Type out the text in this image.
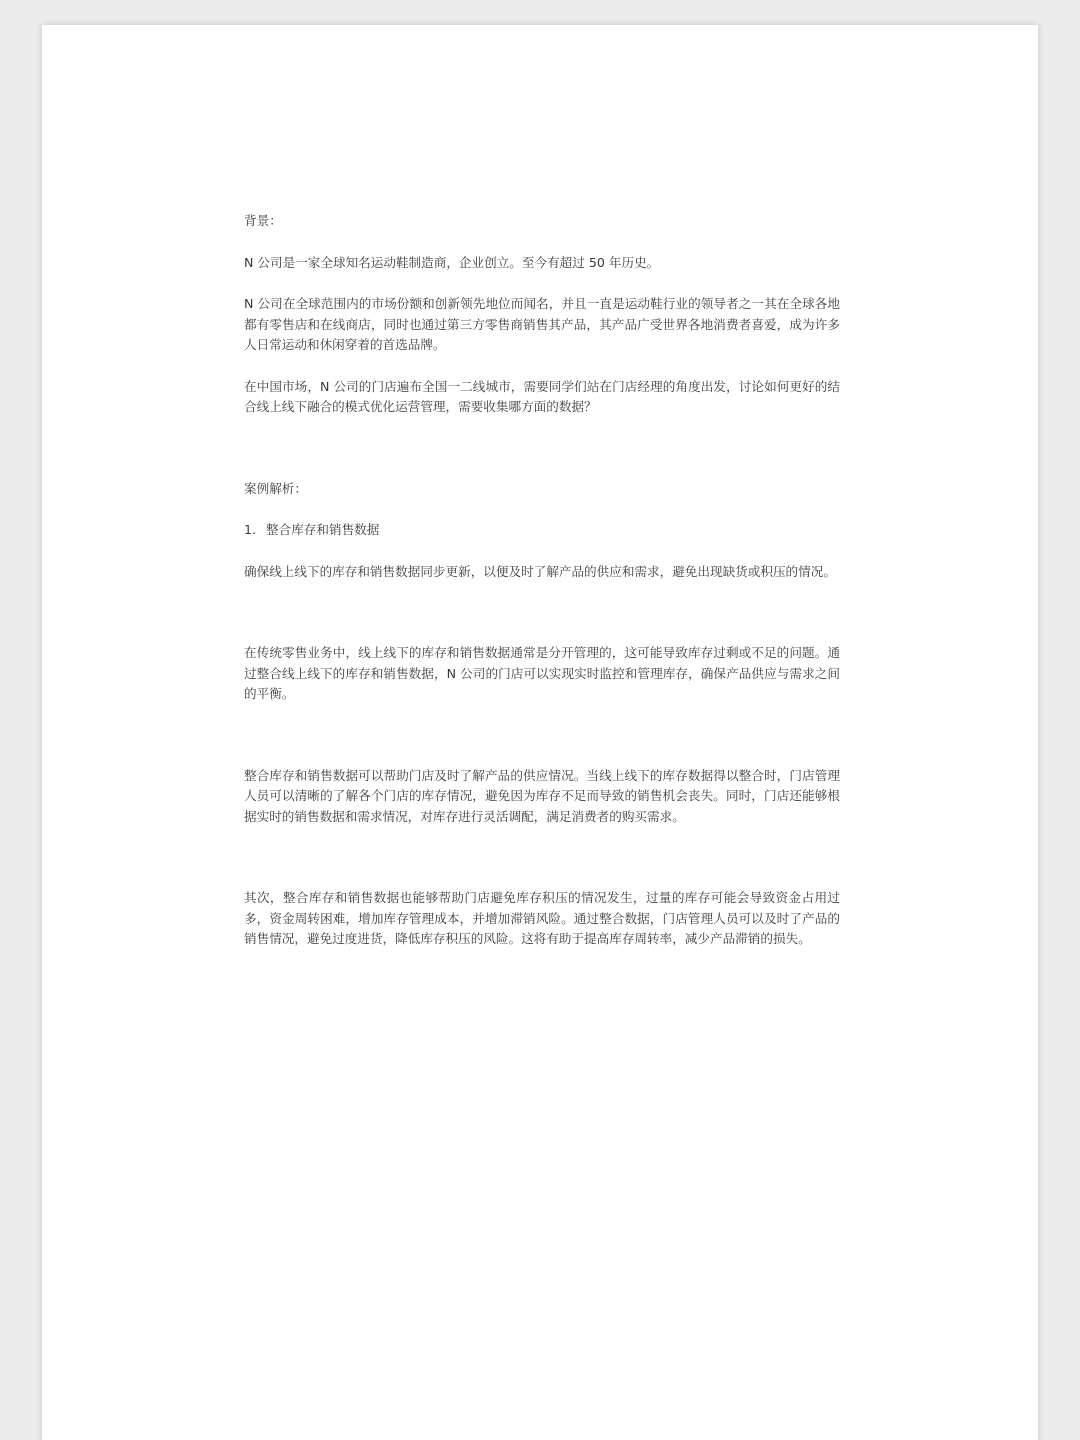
背景：

N 公司是一家全球知名运动鞋制造商，企业创立。至今有超过 50 年历史。

N 公司在全球范围内的市场份额和创新领先地位而闻名，并且一直是运动鞋行业的领导者之一其在全球各地都有零售店和在线商店，同时也通过第三方零售商销售其产品，其产品广受世界各地消费者喜爱，成为许多人日常运动和休闲穿着的首选品牌。

在中国市场，N 公司的门店遍布全国一二线城市，需要同学们站在门店经理的角度出发，讨论如何更好的结合线上线下融合的模式优化运营管理，需要收集哪方面的数据？

案例解析：
1. 整合库存和销售数据

确保线上线下的库存和销售数据同步更新，以便及时了解产品的供应和需求，避免出现缺货或积压的情况。

在传统零售业务中，线上线下的库存和销售数据通常是分开管理的，这可能导致库存过剩或不足的问题。通过整合线上线下的库存和销售数据，N 公司的门店可以实现实时监控和管理库存，确保产品供应与需求之间的平衡。

整合库存和销售数据可以帮助门店及时了解产品的供应情况。当线上线下的库存数据得以整合时，门店管理人员可以清晰的了解各个门店的库存情况，避免因为库存不足而导致的销售机会丧失。同时，门店还能够根据实时的销售数据和需求情况，对库存进行灵活调配，满足消费者的购买需求。

其次，整合库存和销售数据也能够帮助门店避免库存积压的情况发生，过量的库存可能会导致资金占用过多，资金周转困难，增加库存管理成本，并增加滞销风险。通过整合数据，门店管理人员可以及时了产品的销售情况，避免过度进货，降低库存积压的风险。这将有助于提高库存周转率，减少产品滞销的损失。
